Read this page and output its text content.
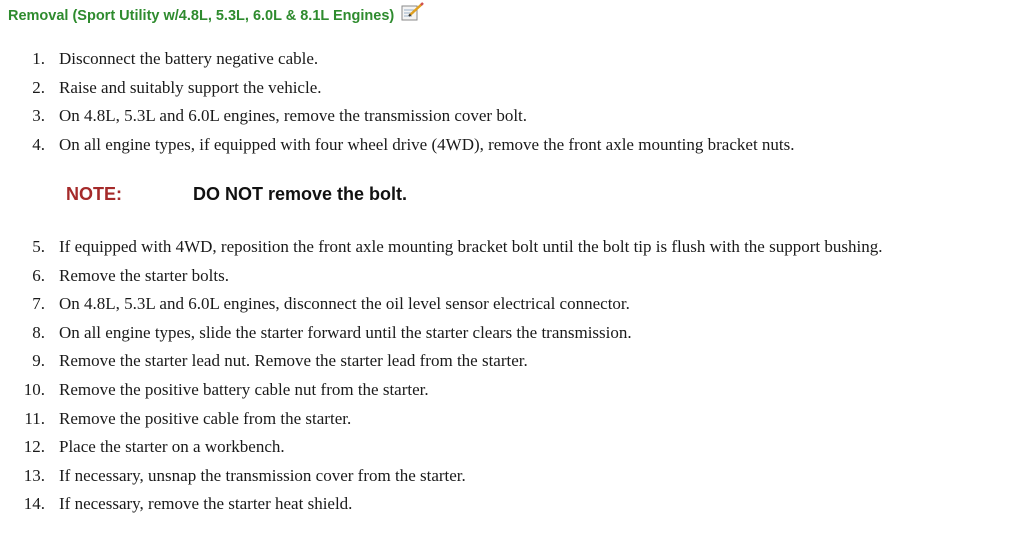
Removal (Sport Utility w/4.8L, 5.3L, 6.0L & 8.1L Engines)
1. Disconnect the battery negative cable.
2. Raise and suitably support the vehicle.
3. On 4.8L, 5.3L and 6.0L engines, remove the transmission cover bolt.
4. On all engine types, if equipped with four wheel drive (4WD), remove the front axle mounting bracket nuts.
NOTE:	DO NOT remove the bolt.
5. If equipped with 4WD, reposition the front axle mounting bracket bolt until the bolt tip is flush with the support bushing.
6. Remove the starter bolts.
7. On 4.8L, 5.3L and 6.0L engines, disconnect the oil level sensor electrical connector.
8. On all engine types, slide the starter forward until the starter clears the transmission.
9. Remove the starter lead nut. Remove the starter lead from the starter.
10. Remove the positive battery cable nut from the starter.
11. Remove the positive cable from the starter.
12. Place the starter on a workbench.
13. If necessary, unsnap the transmission cover from the starter.
14. If necessary, remove the starter heat shield.
